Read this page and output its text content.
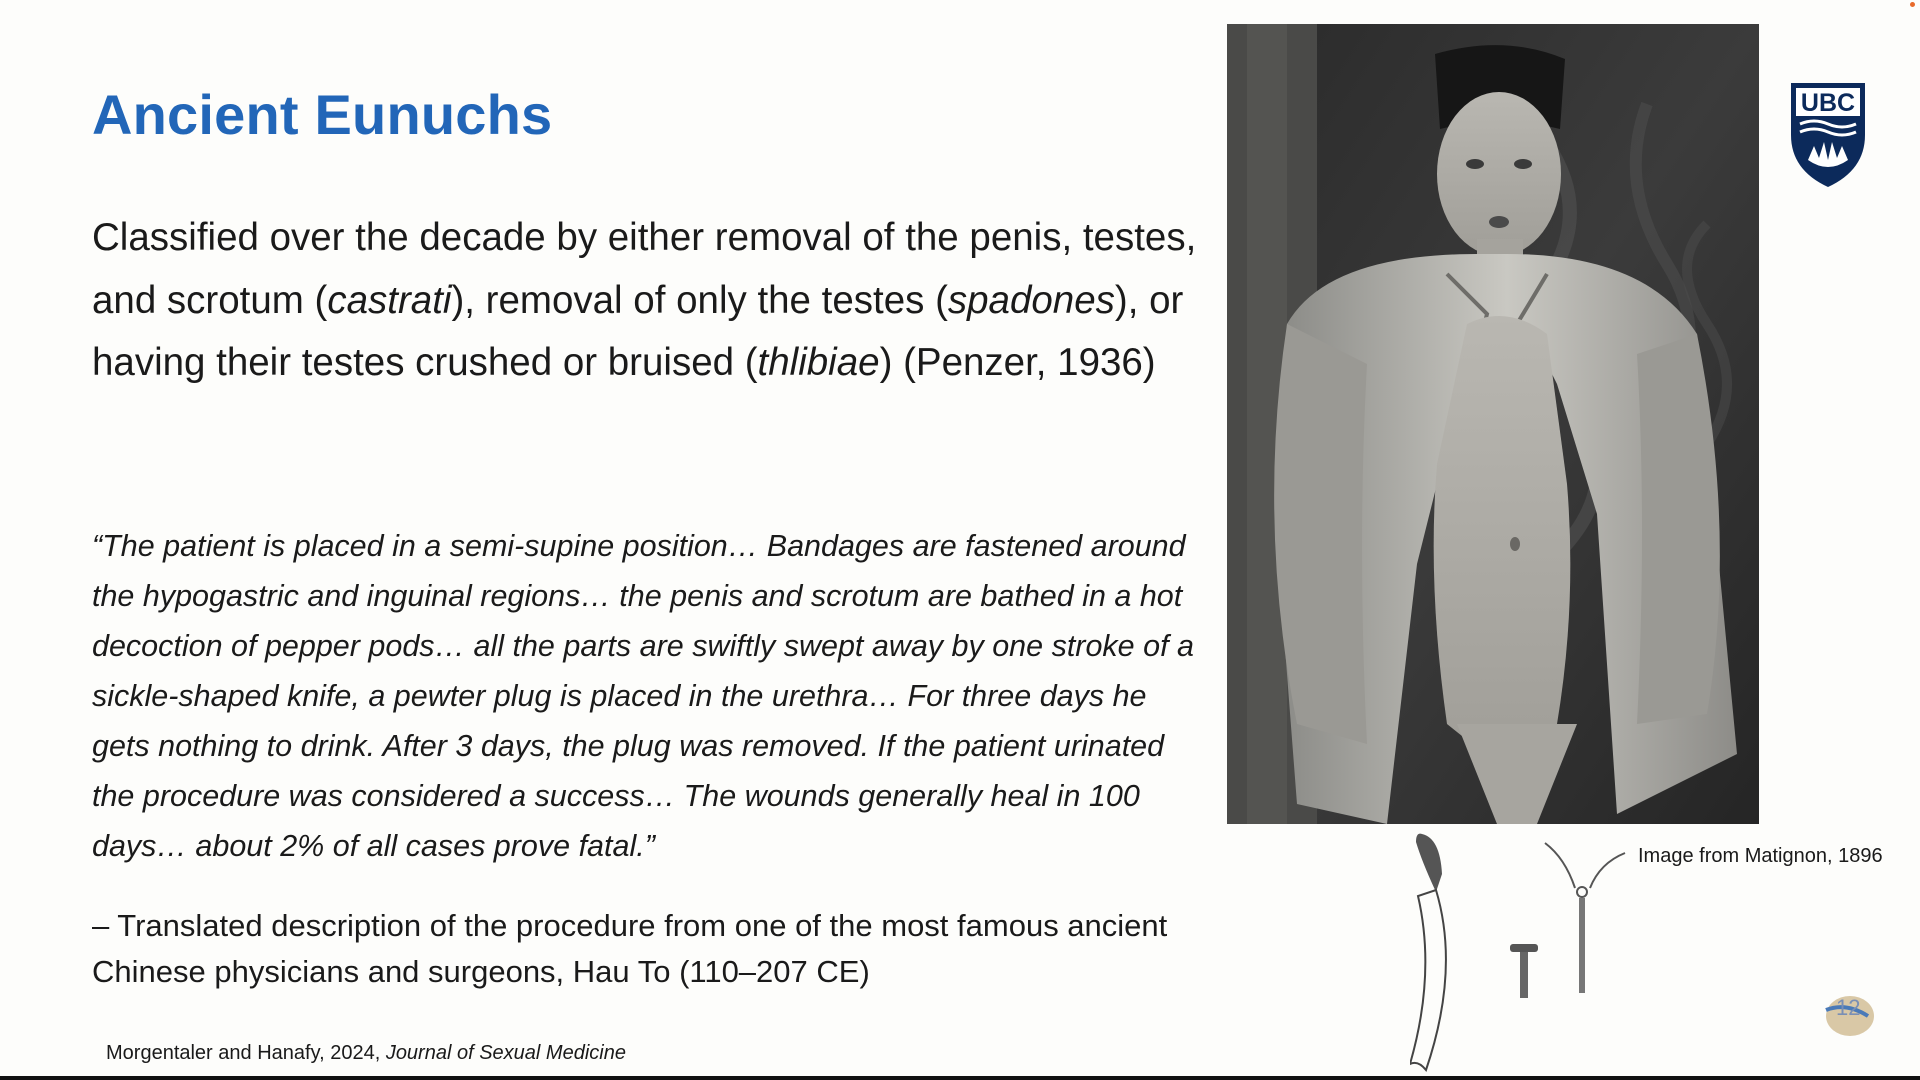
Ancient Eunuchs

Classified over the decade by either removal of the penis, testes, and scrotum (castrati), removal of only the testes (spadones), or having their testes crushed or bruised (thlibiae) (Penzer, 1936)

“The patient is placed in a semi-supine position… Bandages are fastened around the hypogastric and inguinal regions… the penis and scrotum are bathed in a hot decoction of pepper pods… all the parts are swiftly swept away by one stroke of a sickle-shaped knife, a pewter plug is placed in the urethra… For three days he gets nothing to drink. After 3 days, the plug was removed. If the patient urinated the procedure was considered a success… The wounds generally heal in 100 days… about 2% of all cases prove fatal.”

– Translated description of the procedure from one of the most famous ancient Chinese physicians and surgeons, Hau To (110–207 CE)

Morgentaler and Hanafy, 2024, Journal of Sexual Medicine
Image from Matignon, 1896
UBC
12
